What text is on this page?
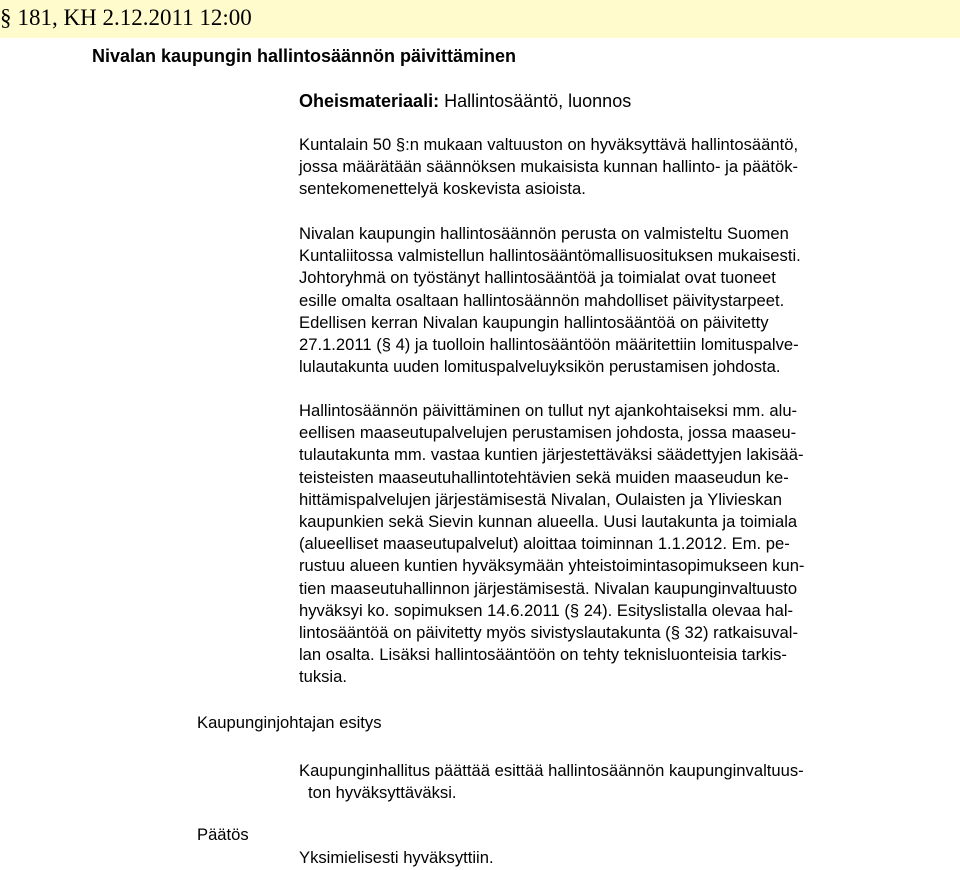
§ 181, KH 2.12.2011 12:00
Nivalan kaupungin hallintosäännön päivittäminen
Oheismateriaali: Hallintosääntö, luonnos
Kuntalain 50 §:n mukaan valtuuston on hyväksyttävä hallintosääntö,
jossa määrätään säännöksen mukaisista kunnan hallinto- ja päätök-
sentekomenettelyä koskevista asioista.
Nivalan kaupungin hallintosäännön perusta on valmisteltu Suomen
Kuntaliitossa valmistellun hallintosääntömallisuosituksen mukaisesti.
Johtoryhmä on työstänyt hallintosääntöä ja toimialat ovat tuoneet
esille omalta osaltaan hallintosäännön mahdolliset päivitystarpeet.
Edellisen kerran Nivalan kaupungin hallintosääntöä on päivitetty
27.1.2011 (§ 4) ja tuolloin hallintosääntöön määritettiin lomituspalve-
lulautakunta uuden lomituspalveluyksikön perustamisen johdosta.
Hallintosäännön päivittäminen on tullut nyt ajankohtaiseksi mm. alu-
eellisen maaseutupalvelujen perustamisen johdosta, jossa maaseu-
tulautakunta mm. vastaa kuntien järjestettäväksi säädettyjen lakisää-
teisteisten maaseutuhallintotehtävien sekä muiden maaseudun ke-
hittämispalvelujen järjestämisestä Nivalan, Oulaisten ja Ylivieskan
kaupunkien sekä Sievin kunnan alueella. Uusi lautakunta ja toimiala
(alueelliset maaseutupalvelut) aloittaa toiminnan 1.1.2012. Em. pe-
rustuu alueen kuntien hyväksymään yhteistoimintasopimukseen kun-
tien maaseutuhallinnon järjestämisestä. Nivalan kaupunginvaltuusto
hyväksyi ko. sopimuksen 14.6.2011 (§ 24). Esityslistalla olevaa hal-
lintosääntöä on päivitetty myös sivistyslautakunta (§ 32) ratkaisuval-
lan osalta. Lisäksi hallintosääntöön on tehty teknisluonteisia tarkis-
tuksia.
Kaupunginjohtajan esitys
Kaupunginhallitus päättää esittää hallintosäännön kaupunginvaltuus-
ton hyväksyttäväksi.
Päätös
Yksimielisesti hyväksyttiin.
